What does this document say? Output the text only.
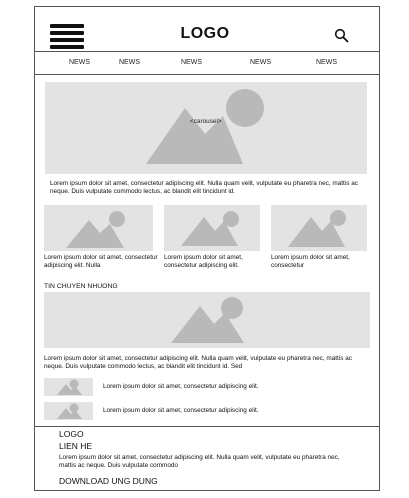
LOGO
NEWS	NEWS	NEWS	NEWS	NEWS
<carousel>
Lorem ipsum dolor sit amet, consectetur adipiscing elit. Nulla quam velit, vulputate eu pharetra nec, mattis ac neque. Duis vulputate commodo lectus, ac blandit elit tincidunt id.
Lorem ipsum dolor sit amet, consectetur adipiscing elit. Nulla
Lorem ipsum dolor sit amet, consectetur adipiscing elit.
Lorem ipsum dolor sit amet, consectetur
TIN CHUYEN NHUONG
Lorem ipsum dolor sit amet, consectetur adipiscing elit. Nulla quam velit, vulputate eu pharetra nec, mattis ac neque. Duis vulputate commodo lectus, ac blandit elit tincidunt id. Sed
Lorem ipsum dolor sit amet, consectetur adipiscing elit.
Lorem ipsum dolor sit amet, consectetur adipiscing elit.
LOGO
LIEN HE
Lorem ipsum dolor sit amet, consectetur adipiscing elit. Nulla quam velit, vulputate eu pharetra nec, mattis ac neque. Duis vulputate commodo
DOWNLOAD UNG DUNG
